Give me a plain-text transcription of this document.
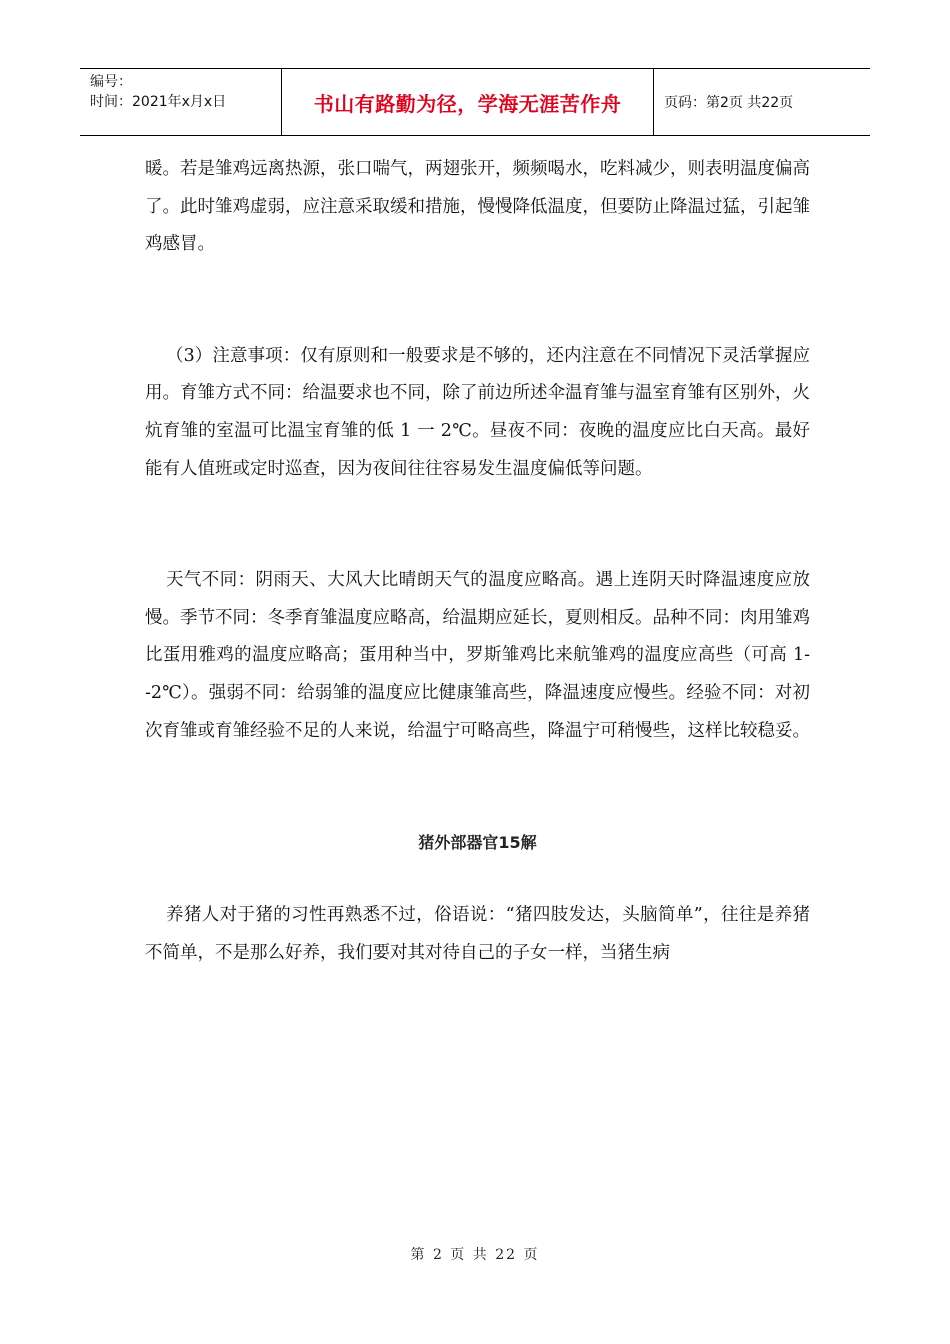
编号：
时间：2021年x月x日	书山有路勤为径，学海无涯苦作舟	页码：第2页 共22页

暖。若是雏鸡远离热源，张口喘气，两翅张开，频频喝水，吃料减少，则表明温度偏高了。此时雏鸡虚弱，应注意采取缓和措施，慢慢降低温度，但要防止降温过猛，引起雏鸡感冒。

（3）注意事项：仅有原则和一般要求是不够的，还内注意在不同情况下灵活掌握应用。育雏方式不同：给温要求也不同，除了前边所述伞温育雏与温室育雏有区别外，火炕育雏的室温可比温宝育雏的低 1 一 2℃。昼夜不同：夜晚的温度应比白天高。最好能有人值班或定时巡查，因为夜间往往容易发生温度偏低等问题。

天气不同：阴雨天、大风大比晴朗天气的温度应略高。遇上连阴天时降温速度应放慢。季节不同：冬季育雏温度应略高，给温期应延长，夏则相反。品种不同：肉用雏鸡比蛋用雅鸡的温度应略高；蛋用种当中，罗斯雏鸡比来航雏鸡的温度应高些（可高 1--2℃）。强弱不同：给弱雏的温度应比健康雏高些，降温速度应慢些。经验不同：对初次育雏或育雏经验不足的人来说，给温宁可略高些，降温宁可稍慢些，这样比较稳妥。

猪外部器官15解

养猪人对于猪的习性再熟悉不过，俗语说：“猪四肢发达，头脑简单”，往往是养猪不简单，不是那么好养，我们要对其对待自己的子女一样，当猪生病

第 2 页 共 22 页
